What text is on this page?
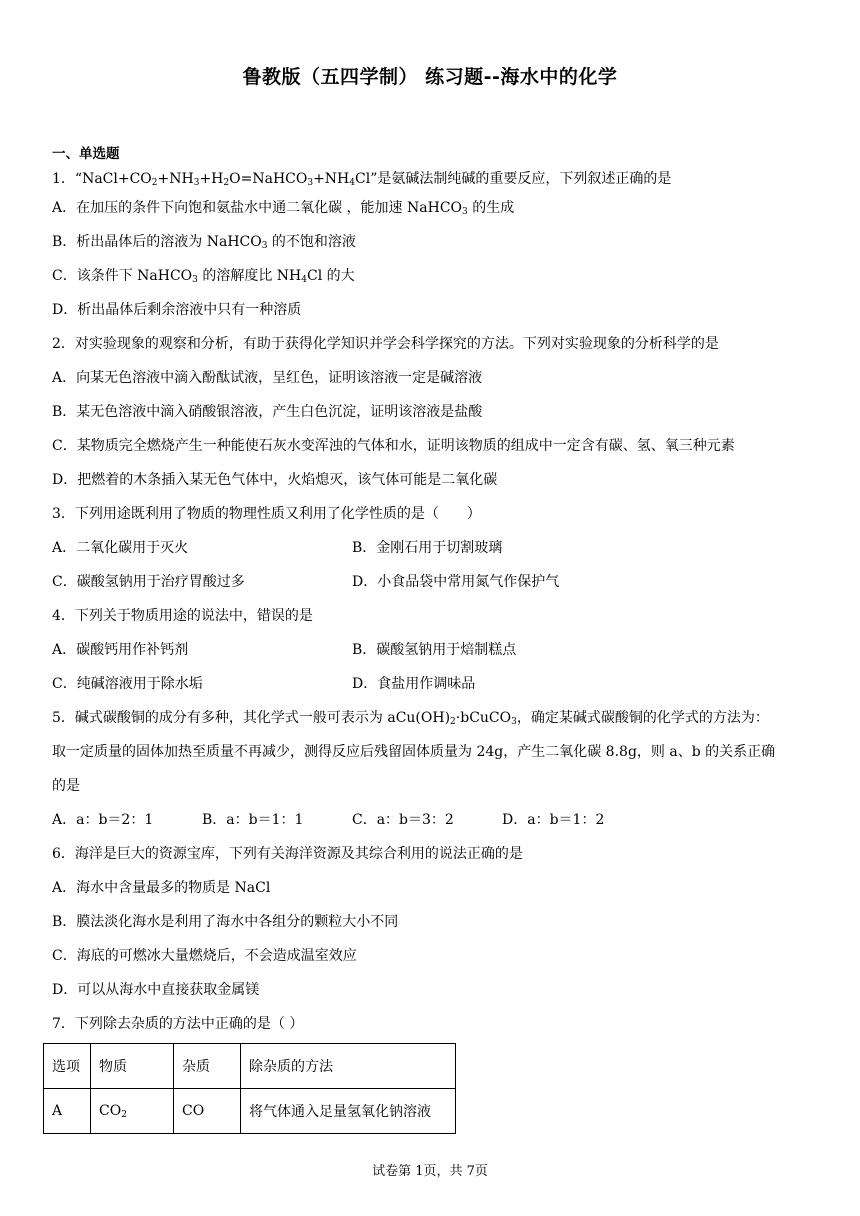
鲁教版（五四学制） 练习题--海水中的化学
一、单选题
1．“$NaCl+CO_2+NH_3+H_2O=NaHCO_3+NH_4Cl$”是氨碱法制纯碱的重要反应，下列叙述正确的是
A．在加压的条件下向饱和氨盐水中通二氧化碳 ，能加速 NaHCO$_3$ 的生成
B．析出晶体后的溶液为 NaHCO$_3$ 的不饱和溶液
C．该条件下 NaHCO$_3$ 的溶解度比 $NH_4Cl$ 的大
D．析出晶体后剩余溶液中只有一种溶质
2．对实验现象的观察和分析，有助于获得化学知识并学会科学探究的方法。下列对实验现象的分析科学的是
A．向某无色溶液中滴入酚酞试液，呈红色，证明该溶液一定是碱溶液
B．某无色溶液中滴入硝酸银溶液，产生白色沉淀，证明该溶液是盐酸
C．某物质完全燃烧产生一种能使石灰水变浑浊的气体和水，证明该物质的组成中一定含有碳、氢、氧三种元素
D．把燃着的木条插入某无色气体中，火焰熄灭，该气体可能是二氧化碳
3．下列用途既利用了物质的物理性质又利用了化学性质的是（　　）
A．二氧化碳用于灭火	B．金刚石用于切割玻璃
C．碳酸氢钠用于治疗胃酸过多	D．小食品袋中常用氮气作保护气
4．下列关于物质用途的说法中，错误的是
A．碳酸钙用作补钙剂	B．碳酸氢钠用于焙制糕点
C．纯碱溶液用于除水垢	D．食盐用作调味品
5．碱式碳酸铜的成分有多种，其化学式一般可表示为 $aCu(OH)_2\cdot bCuCO_3$，确定某碱式碳酸铜的化学式的方法为：
取一定质量的固体加热至质量不再减少，测得反应后残留固体质量为 24g，产生二氧化碳 8.8g，则 a、b 的关系正确
的是
A．a：b＝2：1	B．a：b＝1：1	C．a：b＝3：2	D．a：b＝1：2
6．海洋是巨大的资源宝库，下列有关海洋资源及其综合利用的说法正确的是
A．海水中含量最多的物质是 NaCl
B．膜法淡化海水是利用了海水中各组分的颗粒大小不同
C．海底的可燃冰大量燃烧后，不会造成温室效应
D．可以从海水中直接获取金属镁
7．下列除去杂质的方法中正确的是（ ）
选项	物质	杂质	除杂质的方法
A	$CO_2$	CO	将气体通入足量氢氧化钠溶液
试卷第 1页，共 7页
